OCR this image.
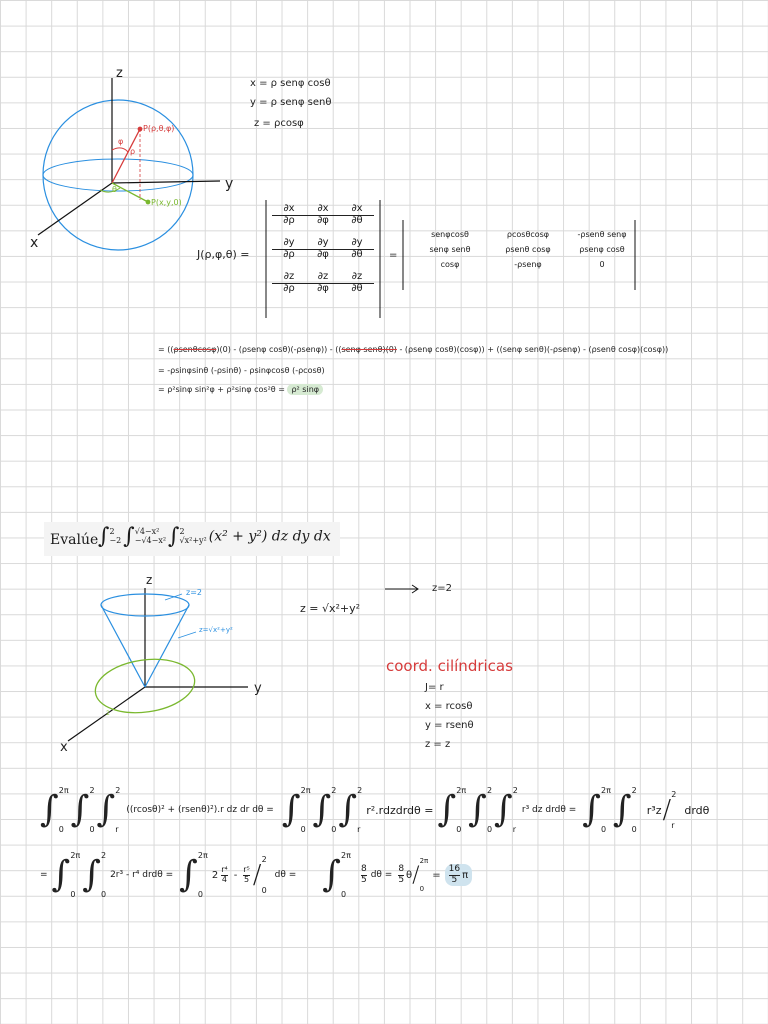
z
y
x
P(ρ,θ,φ)
P(x,y,0)
φ
ρ
θ
x = ρ senφ cosθ
y = ρ senφ senθ
z = ρcosφ
J(ρ,φ,θ) =
$\frac{\partial x}{\partial\rho} \frac{\partial x}{\partial\varphi} \frac{\partial x}{\partial\theta}$
$\frac{\partial y}{\partial\rho} \frac{\partial y}{\partial\varphi} \frac{\partial y}{\partial\theta}$
$\frac{\partial z}{\partial\rho} \frac{\partial z}{\partial\varphi} \frac{\partial z}{\partial\theta}$
=
senφcosθ	ρcosθcosφ	-ρsenθ senφ
senφ senθ	ρsenθ cosφ	ρsenφ cosθ
cosφ	-ρsenφ	0
= ((ρsenθcosφ)(0) - (ρsenφ cosθ)(-ρsenφ)) - ((senφ senθ)(0) - (ρsenφ cosθ)(cosφ)) + ((senφ senθ)(-ρsenφ) - (ρsenθ cosφ)(cosφ))
= -ρsinφsinθ (-ρsinθ) - ρsinφcosθ (-ρcosθ)
= ρ²sinφ sin²φ + ρ²sinφ cos²θ = ρ² sinφ
Evalúe ∫ 2
−2 ∫ √4−x²
−√4−x² ∫ 2
√x²+y² (x² + y²) dz dy dx
z
y
x
z=2
z=√x²+y²
2
z = √x²+y²
z=2
coord. cilíndricas
J= r
x = rcosθ
y = rsenθ
z = z
∫ 2π
0 ∫ 2
0 ∫ 2
r
((rcosθ)² + (rsenθ)²).r dz dr dθ = ∫ 2π
0 ∫ 2
0 ∫ 2
r
r².rdzdrdθ = ∫ 2π
0 ∫ 2
0 ∫ 2
r
r³ dz drdθ = ∫ 2π
0 ∫ 2
0
r³z /
2
r
drdθ
= ∫ 2π
0 ∫ 2
0
2r³ - r⁴ drdθ = ∫ 2π
0
$2 \frac{\text{r⁴}}{4} - \frac{\text{r⁵}}{5}$ /
2
0
dθ = ∫ 2π
0
$\frac{8}{5}$ $d\theta = \frac{8}{5}$ θ /
2π
0
= $\frac{16}{5}$ π
